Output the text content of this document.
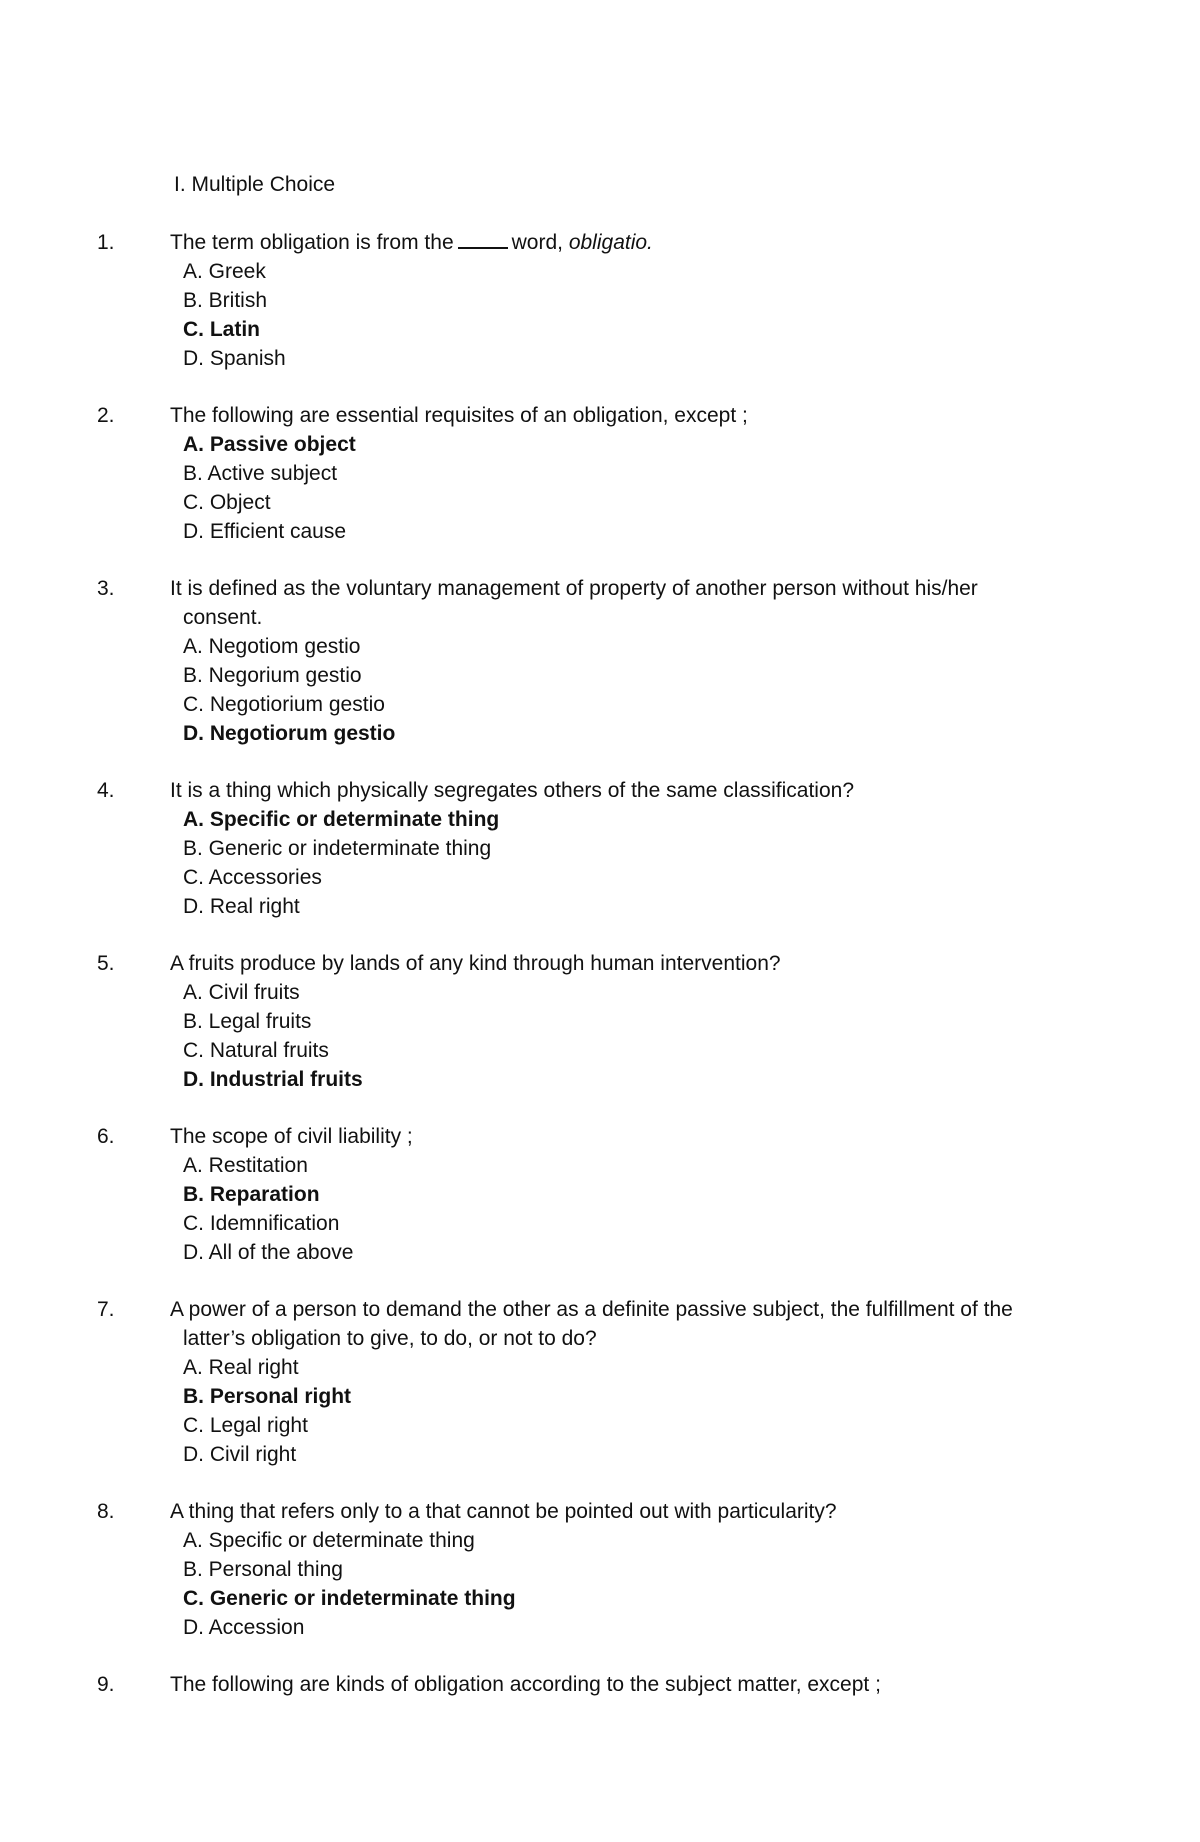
I. Multiple Choice

1.	The term obligation is from the	word, obligatio.

A. Greek
B. British
C. Latin
D. Spanish

2.	The following are essential requisites of an obligation, except ;

A. Passive object
B. Active subject
C. Object
D. Efficient cause

3.	It is defined as the voluntary management of property of another person without his/her consent.

A. Negotiom gestio
B. Negorium gestio
C. Negotiorium gestio
D. Negotiorum gestio

4.	It is a thing which physically segregates others of the same classification?

A. Specific or determinate thing
B. Generic or indeterminate thing
C. Accessories
D. Real right

5.	A fruits produce by lands of any kind through human intervention?

A. Civil fruits
B. Legal fruits
C. Natural fruits
D. Industrial fruits

6.	The scope of civil liability ;

A. Restitation
B. Reparation
C. Idemnification
D. All of the above

7.	A power of a person to demand the other as a definite passive subject, the fulfillment of the latter’s obligation to give, to do, or not to do?

A. Real right
B. Personal right
C. Legal right
D. Civil right

8.	A thing that refers only to a that cannot be pointed out with particularity?

A. Specific or determinate thing
B. Personal thing
C. Generic or indeterminate thing
D. Accession

9.	The following are kinds of obligation according to the subject matter, except ;
